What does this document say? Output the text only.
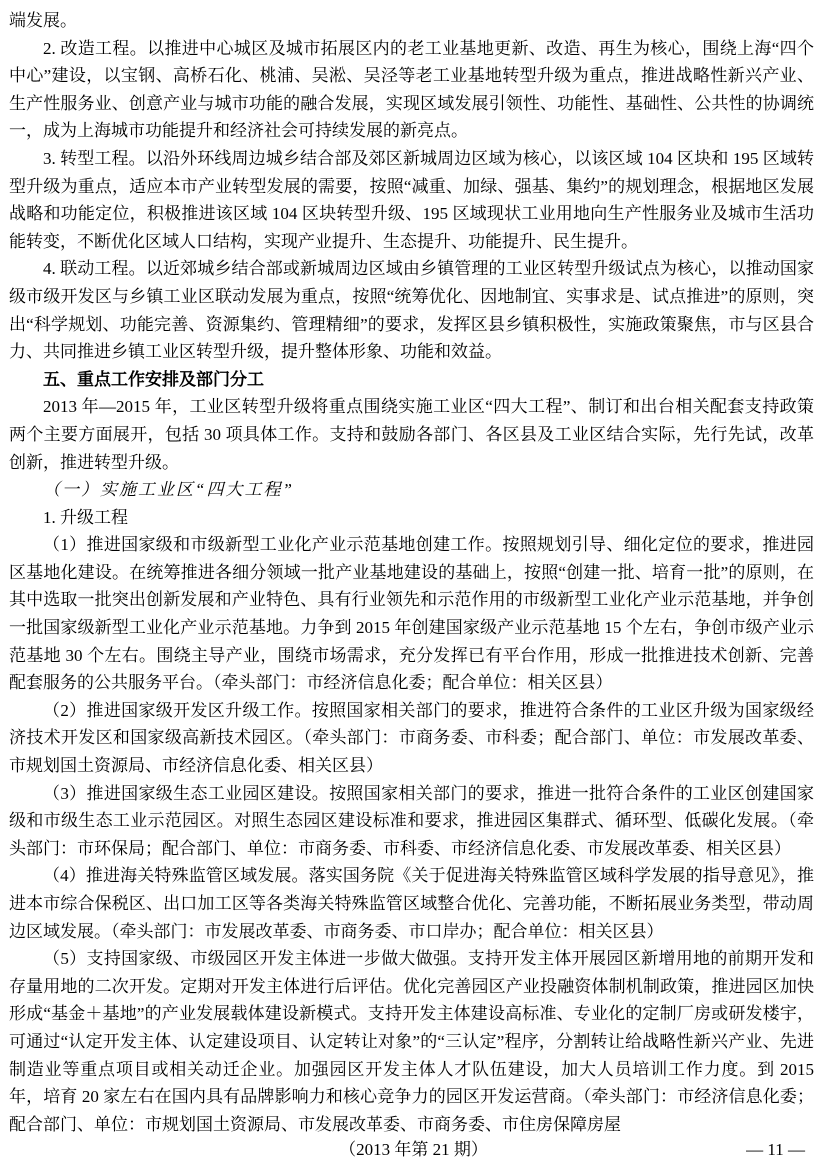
端发展。

2. 改造工程。以推进中心城区及城市拓展区内的老工业基地更新、改造、再生为核心，围绕上海“四个中心”建设，以宝钢、高桥石化、桃浦、吴淞、吴泾等老工业基地转型升级为重点，推进战略性新兴产业、生产性服务业、创意产业与城市功能的融合发展，实现区域发展引领性、功能性、基础性、公共性的协调统一，成为上海城市功能提升和经济社会可持续发展的新亮点。

3. 转型工程。以沿外环线周边城乡结合部及郊区新城周边区域为核心，以该区域 104 区块和 195 区域转型升级为重点，适应本市产业转型发展的需要，按照“减重、加绿、强基、集约”的规划理念，根据地区发展战略和功能定位，积极推进该区域 104 区块转型升级、195 区域现状工业用地向生产性服务业及城市生活功能转变，不断优化区域人口结构，实现产业提升、生态提升、功能提升、民生提升。

4. 联动工程。以近郊城乡结合部或新城周边区域由乡镇管理的工业区转型升级试点为核心，以推动国家级市级开发区与乡镇工业区联动发展为重点，按照“统筹优化、因地制宜、实事求是、试点推进”的原则，突出“科学规划、功能完善、资源集约、管理精细”的要求，发挥区县乡镇积极性，实施政策聚焦，市与区县合力、共同推进乡镇工业区转型升级，提升整体形象、功能和效益。

五、重点工作安排及部门分工

2013 年—2015 年，工业区转型升级将重点围绕实施工业区“四大工程”、制订和出台相关配套支持政策两个主要方面展开，包括 30 项具体工作。支持和鼓励各部门、各区县及工业区结合实际，先行先试，改革创新，推进转型升级。

（一）实施工业区“四大工程”

1. 升级工程

（1）推进国家级和市级新型工业化产业示范基地创建工作。按照规划引导、细化定位的要求，推进园区基地化建设。在统筹推进各细分领域一批产业基地建设的基础上，按照“创建一批、培育一批”的原则，在其中选取一批突出创新发展和产业特色、具有行业领先和示范作用的市级新型工业化产业示范基地，并争创一批国家级新型工业化产业示范基地。力争到 2015 年创建国家级产业示范基地 15 个左右，争创市级产业示范基地 30 个左右。围绕主导产业，围绕市场需求，充分发挥已有平台作用，形成一批推进技术创新、完善配套服务的公共服务平台。（牵头部门：市经济信息化委；配合单位：相关区县）

（2）推进国家级开发区升级工作。按照国家相关部门的要求，推进符合条件的工业区升级为国家级经济技术开发区和国家级高新技术园区。（牵头部门：市商务委、市科委；配合部门、单位：市发展改革委、市规划国土资源局、市经济信息化委、相关区县）

（3）推进国家级生态工业园区建设。按照国家相关部门的要求，推进一批符合条件的工业区创建国家级和市级生态工业示范园区。对照生态园区建设标准和要求，推进园区集群式、循环型、低碳化发展。（牵头部门：市环保局；配合部门、单位：市商务委、市科委、市经济信息化委、市发展改革委、相关区县）

（4）推进海关特殊监管区域发展。落实国务院《关于促进海关特殊监管区域科学发展的指导意见》，推进本市综合保税区、出口加工区等各类海关特殊监管区域整合优化、完善功能，不断拓展业务类型，带动周边区域发展。（牵头部门：市发展改革委、市商务委、市口岸办；配合单位：相关区县）

（5）支持国家级、市级园区开发主体进一步做大做强。支持开发主体开展园区新增用地的前期开发和存量用地的二次开发。定期对开发主体进行后评估。优化完善园区产业投融资体制机制政策，推进园区加快形成“基金＋基地”的产业发展载体建设新模式。支持开发主体建设高标准、专业化的定制厂房或研发楼宇，可通过“认定开发主体、认定建设项目、认定转让对象”的“三认定”程序，分割转让给战略性新兴产业、先进制造业等重点项目或相关动迁企业。加强园区开发主体人才队伍建设，加大人员培训工作力度。到 2015 年，培育 20 家左右在国内具有品牌影响力和核心竞争力的园区开发运营商。（牵头部门：市经济信息化委；配合部门、单位：市规划国土资源局、市发展改革委、市商务委、市住房保障房屋

（2013 年第 21 期）	— 11 —
